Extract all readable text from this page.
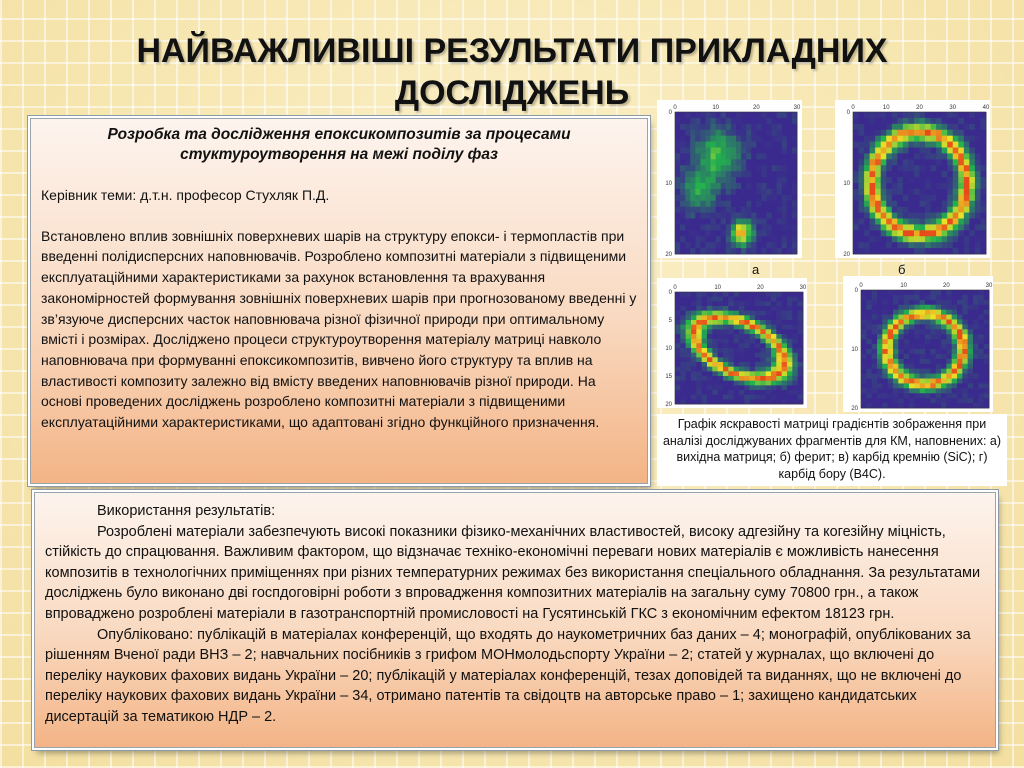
НАЙВАЖЛИВІШІ РЕЗУЛЬТАТИ ПРИКЛАДНИХ ДОСЛІДЖЕНЬ

Розробка та дослідження епоксикомпозитів за процесами стуктуроутворення на межі поділу фаз

Керівник теми: д.т.н. професор Стухляк П.Д.

Встановлено вплив зовнішніх поверхневих шарів на структуру епокси- і термопластів при введенні полідисперсних наповнювачів. Розроблено композитні матеріали з підвищеними експлуатаційними характеристиками за рахунок встановлення та врахування закономірностей формування зовнішніх поверхневих шарів при прогнозованому введенні у зв’язуюче дисперсних часток наповнювача різної фізичної природи при оптимальному вмісті і розмірах. Досліджено процеси структуроутворення матеріалу матриці навколо наповнювача при формуванні епоксикомпозитів, вивчено його структуру та вплив на властивості композиту залежно від вмісту введених наповнювачів різної природи. На основі проведених досліджень розроблено композитні матеріали з підвищеними експлуатаційними характеристиками, що адаптовані згідно функційного призначення.

0	10	20	30
0
10
20
0	10	20	30	40
0
10
20
0	10	20	30
0
5
10
15
20
0	10	20	30
0
10
20
а	б
Графік яскравості матриці градієнтів зображення при аналізі досліджуваних фрагментів для КМ, наповнених: а) вихідна матриця; б) ферит; в) карбід кремнію (SiC); г) карбід бору (B4C).

Використання результатів:

Розроблені матеріали забезпечують високі показники фізико-механічних властивостей, високу адгезійну та когезійну міцність, стійкість до спрацювання. Важливим фактором, що відзначає техніко-економічні переваги нових матеріалів є можливість нанесення композитів в технологічних приміщеннях при різних температурних режимах без використання спеціального обладнання. За результатами досліджень було виконано дві госпдоговірні роботи з впровадження композитних матеріалів на загальну суму 70800 грн., а також впроваджено розроблені матеріали в газотранспортній промисловості на Гусятинській ГКС з економічним ефектом 18123 грн.

Опубліковано: публікацій в матеріалах конференцій, що входять до наукометричних баз даних – 4; монографій, опублікованих за рішенням Вченої ради ВНЗ – 2; навчальних посібників з грифом МОНмолодьспорту України – 2; статей у журналах, що включені до переліку наукових фахових видань України – 20; публікацій у матеріалах конференцій, тезах доповідей та виданнях, що не включені до переліку наукових фахових видань України – 34, отримано патентів та свідоцтв на авторське право – 1; захищено кандидатських дисертацій за тематикою НДР – 2.
